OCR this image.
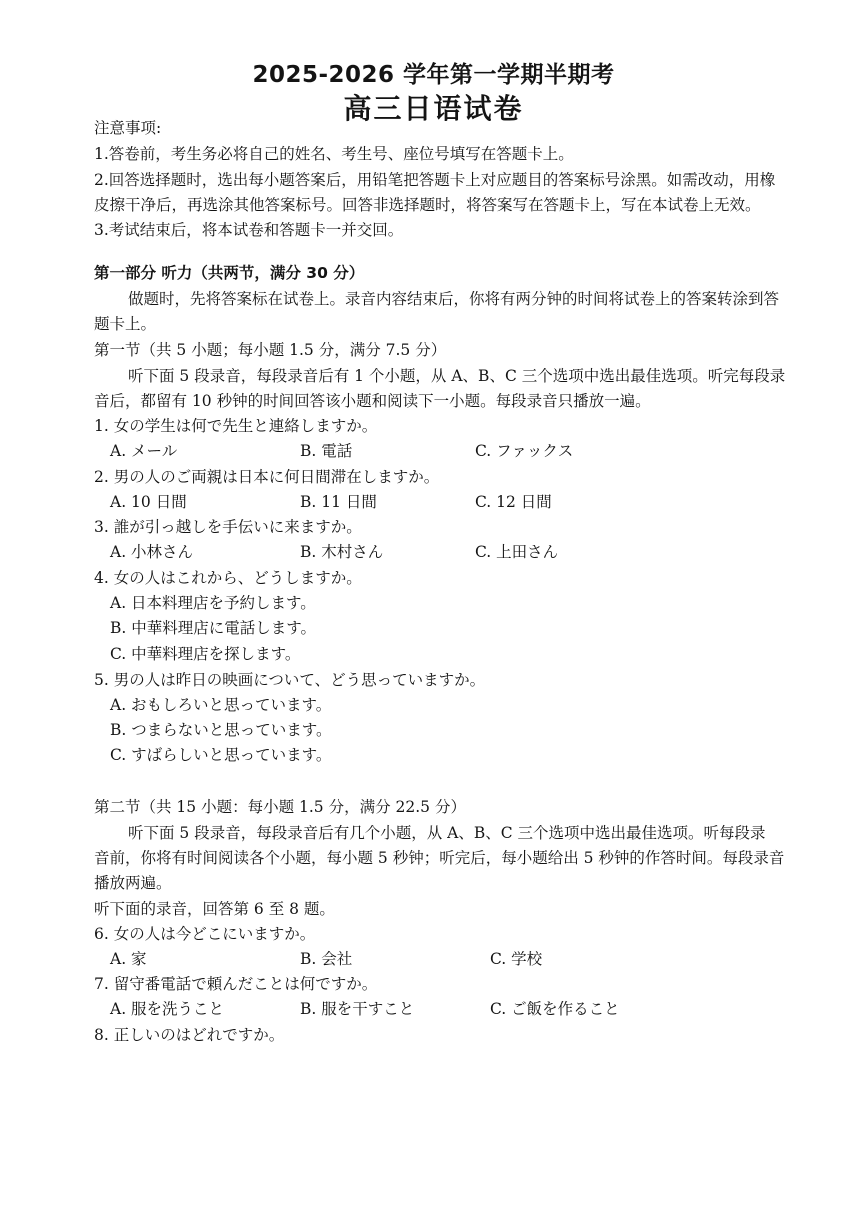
2025-2026 学年第一学期半期考
高三日语试卷
注意事项:
1.答卷前，考生务必将自己的姓名、考生号、座位号填写在答题卡上。
2.回答选择题时，选出每小题答案后，用铅笔把答题卡上对应题目的答案标号涂黑。如需改动，用橡
皮擦干净后，再选涂其他答案标号。回答非选择题时，将答案写在答题卡上，写在本试卷上无效。
3.考试结束后，将本试卷和答题卡一并交回。
第一部分 听力（共两节，满分 30 分）
做题时，先将答案标在试卷上。录音内容结束后，你将有两分钟的时间将试卷上的答案转涂到答
题卡上。
第一节（共 5 小题；每小题 1.5 分，满分 7.5 分）
听下面 5 段录音，每段录音后有 1 个小题，从 A、B、C 三个选项中选出最佳选项。听完每段录
音后，都留有 10 秒钟的时间回答该小题和阅读下一小题。每段录音只播放一遍。
1. 女の学生は何で先生と連絡しますか。
A. メール	B. 電話	C. ファックス
2. 男の人のご両親は日本に何日間滞在しますか。
A. 10 日間	B. 11 日間	C. 12 日間
3. 誰が引っ越しを手伝いに来ますか。
A. 小林さん	B. 木村さん	C. 上田さん
4. 女の人はこれから、どうしますか。
A. 日本料理店を予約します。
B. 中華料理店に電話します。
C. 中華料理店を探します。
5. 男の人は昨日の映画について、どう思っていますか。
A. おもしろいと思っています。
B. つまらないと思っています。
C. すばらしいと思っています。
第二节（共 15 小题：每小题 1.5 分，满分 22.5 分）
听下面 5 段录音，每段录音后有几个小题，从 A、B、C 三个选项中选出最佳选项。听每段录
音前，你将有时间阅读各个小题，每小题 5 秒钟；听完后，每小题给出 5 秒钟的作答时间。每段录音
播放两遍。
听下面的录音，回答第 6 至 8 题。
6. 女の人は今どこにいますか。
A. 家	B. 会社	C. 学校
7. 留守番電話で頼んだことは何ですか。
A. 服を洗うこと	B. 服を干すこと	C. ご飯を作ること
8. 正しいのはどれですか。
